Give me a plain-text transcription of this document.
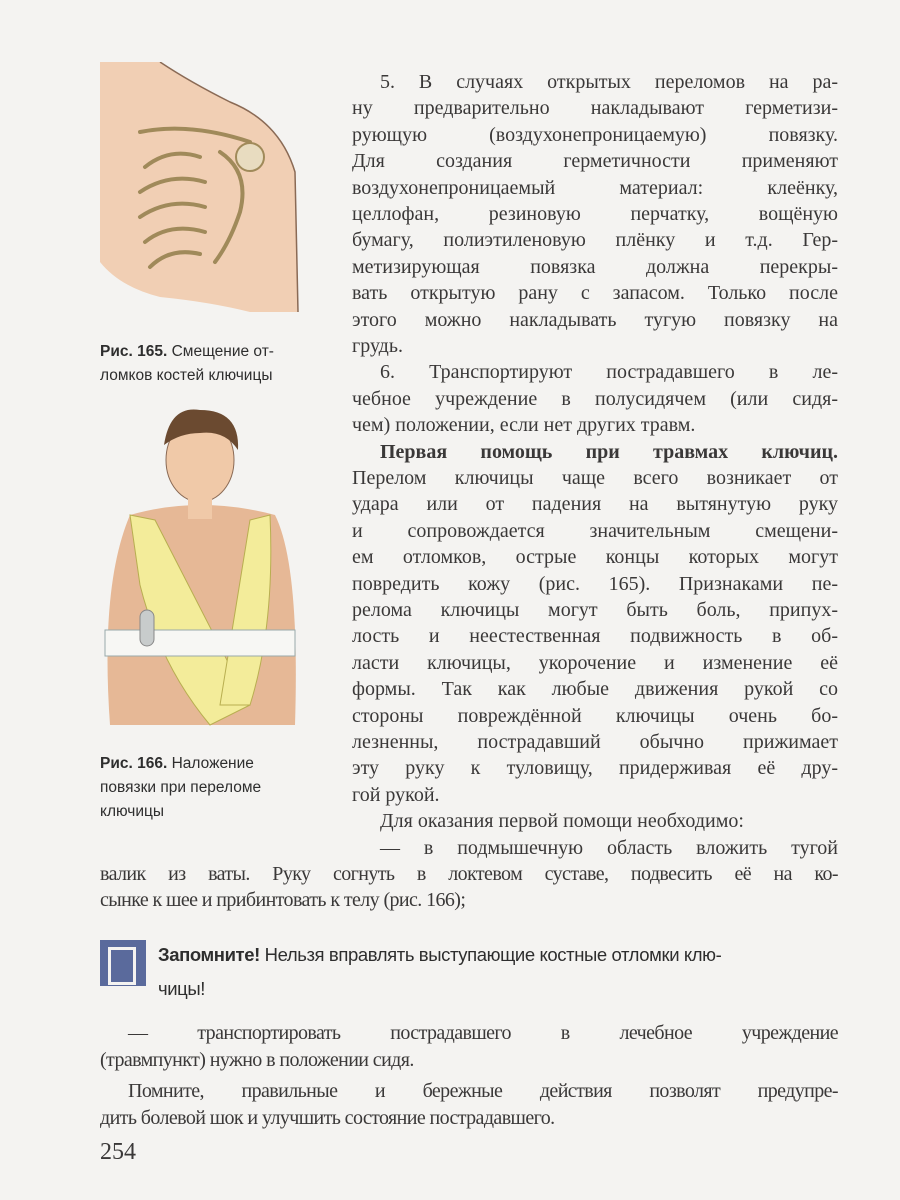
Рис. 165. Смещение от-
ломков костей ключицы
Рис. 166. Наложение
повязки при переломе
ключицы
5. В случаях открытых переломов на ра-
ну предварительно накладывают герметизи-
рующую (воздухонепроницаемую) повязку.
Для создания герметичности применяют
воздухонепроницаемый материал: клеёнку,
целлофан, резиновую перчатку, вощёную
бумагу, полиэтиленовую плёнку и т.д. Гер-
метизирующая повязка должна перекры-
вать открытую рану с запасом. Только после
этого можно накладывать тугую повязку на
грудь.
6. Транспортируют пострадавшего в ле-
чебное учреждение в полусидячем (или сидя-
чем) положении, если нет других травм.
Первая помощь при травмах ключиц.
Перелом ключицы чаще всего возникает от
удара или от падения на вытянутую руку
и сопровождается значительным смещени-
ем отломков, острые концы которых могут
повредить кожу (рис. 165). Признаками пе-
релома ключицы могут быть боль, припух-
лость и неестественная подвижность в об-
ласти ключицы, укорочение и изменение её
формы. Так как любые движения рукой со
стороны повреждённой ключицы очень бо-
лезненны, пострадавший обычно прижимает
эту руку к туловищу, придерживая её дру-
гой рукой.
Для оказания первой помощи необходимо:
— в подмышечную область вложить тугой
валик из ваты. Руку согнуть в локтевом суставе, подвесить её на ко-
сынке к шее и прибинтовать к телу (рис. 166);
Запомните! Нельзя вправлять выступающие костные отломки клю-
чицы!
— транспортировать пострадавшего в лечебное учреждение
(травмпункт) нужно в положении сидя.
Помните, правильные и бережные действия позволят предупре-
дить болевой шок и улучшить состояние пострадавшего.
254
